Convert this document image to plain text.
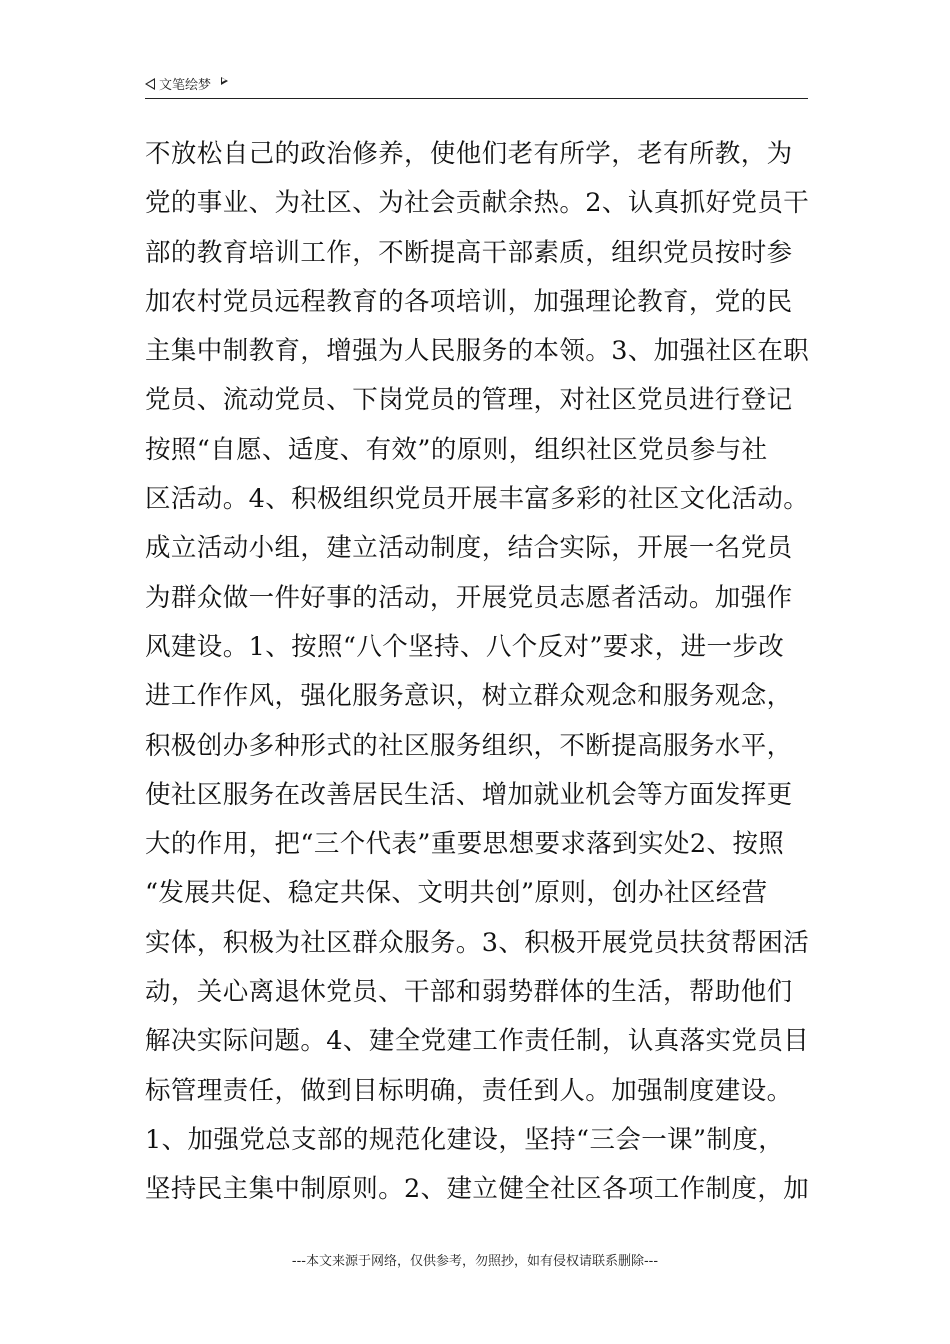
文笔绘梦
不放松自己的政治修养，使他们老有所学，老有所教，为
党的事业、为社区、为社会贡献余热。2、认真抓好党员干
部的教育培训工作，不断提高干部素质，组织党员按时参
加农村党员远程教育的各项培训，加强理论教育，党的民
主集中制教育，增强为人民服务的本领。3、加强社区在职
党员、流动党员、下岗党员的管理，对社区党员进行登记
按照“自愿、适度、有效”的原则，组织社区党员参与社
区活动。4、积极组织党员开展丰富多彩的社区文化活动。
成立活动小组，建立活动制度，结合实际，开展一名党员
为群众做一件好事的活动，开展党员志愿者活动。加强作
风建设。1、按照“八个坚持、八个反对”要求，进一步改
进工作作风，强化服务意识，树立群众观念和服务观念，
积极创办多种形式的社区服务组织，不断提高服务水平，
使社区服务在改善居民生活、增加就业机会等方面发挥更
大的作用，把“三个代表”重要思想要求落到实处2、按照
“发展共促、稳定共保、文明共创”原则，创办社区经营
实体，积极为社区群众服务。3、积极开展党员扶贫帮困活
动，关心离退休党员、干部和弱势群体的生活，帮助他们
解决实际问题。4、建全党建工作责任制，认真落实党员目
标管理责任，做到目标明确，责任到人。加强制度建设。
1、加强党总支部的规范化建设，坚持“三会一课”制度，
坚持民主集中制原则。2、建立健全社区各项工作制度，加
---本文来源于网络，仅供参考，勿照抄，如有侵权请联系删除---
